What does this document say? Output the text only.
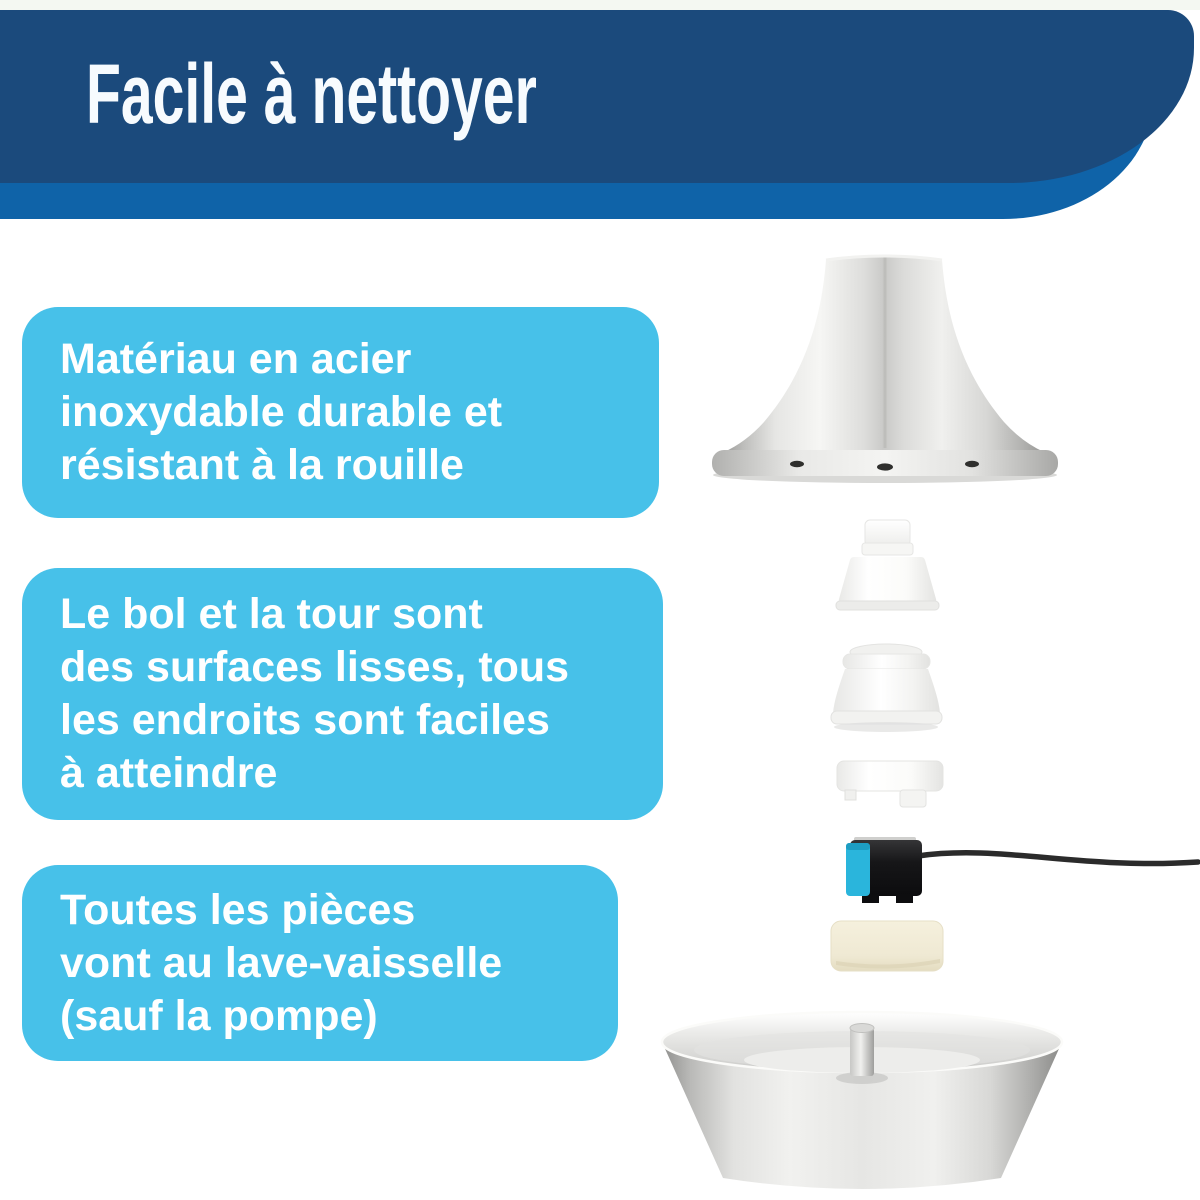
Facile à nettoyer
Matériau en acier
inoxydable durable et
résistant à la rouille
Le bol et la tour sont
des surfaces lisses, tous
les endroits sont faciles
à atteindre
Toutes les pièces
vont au lave-vaisselle
(sauf la pompe)
